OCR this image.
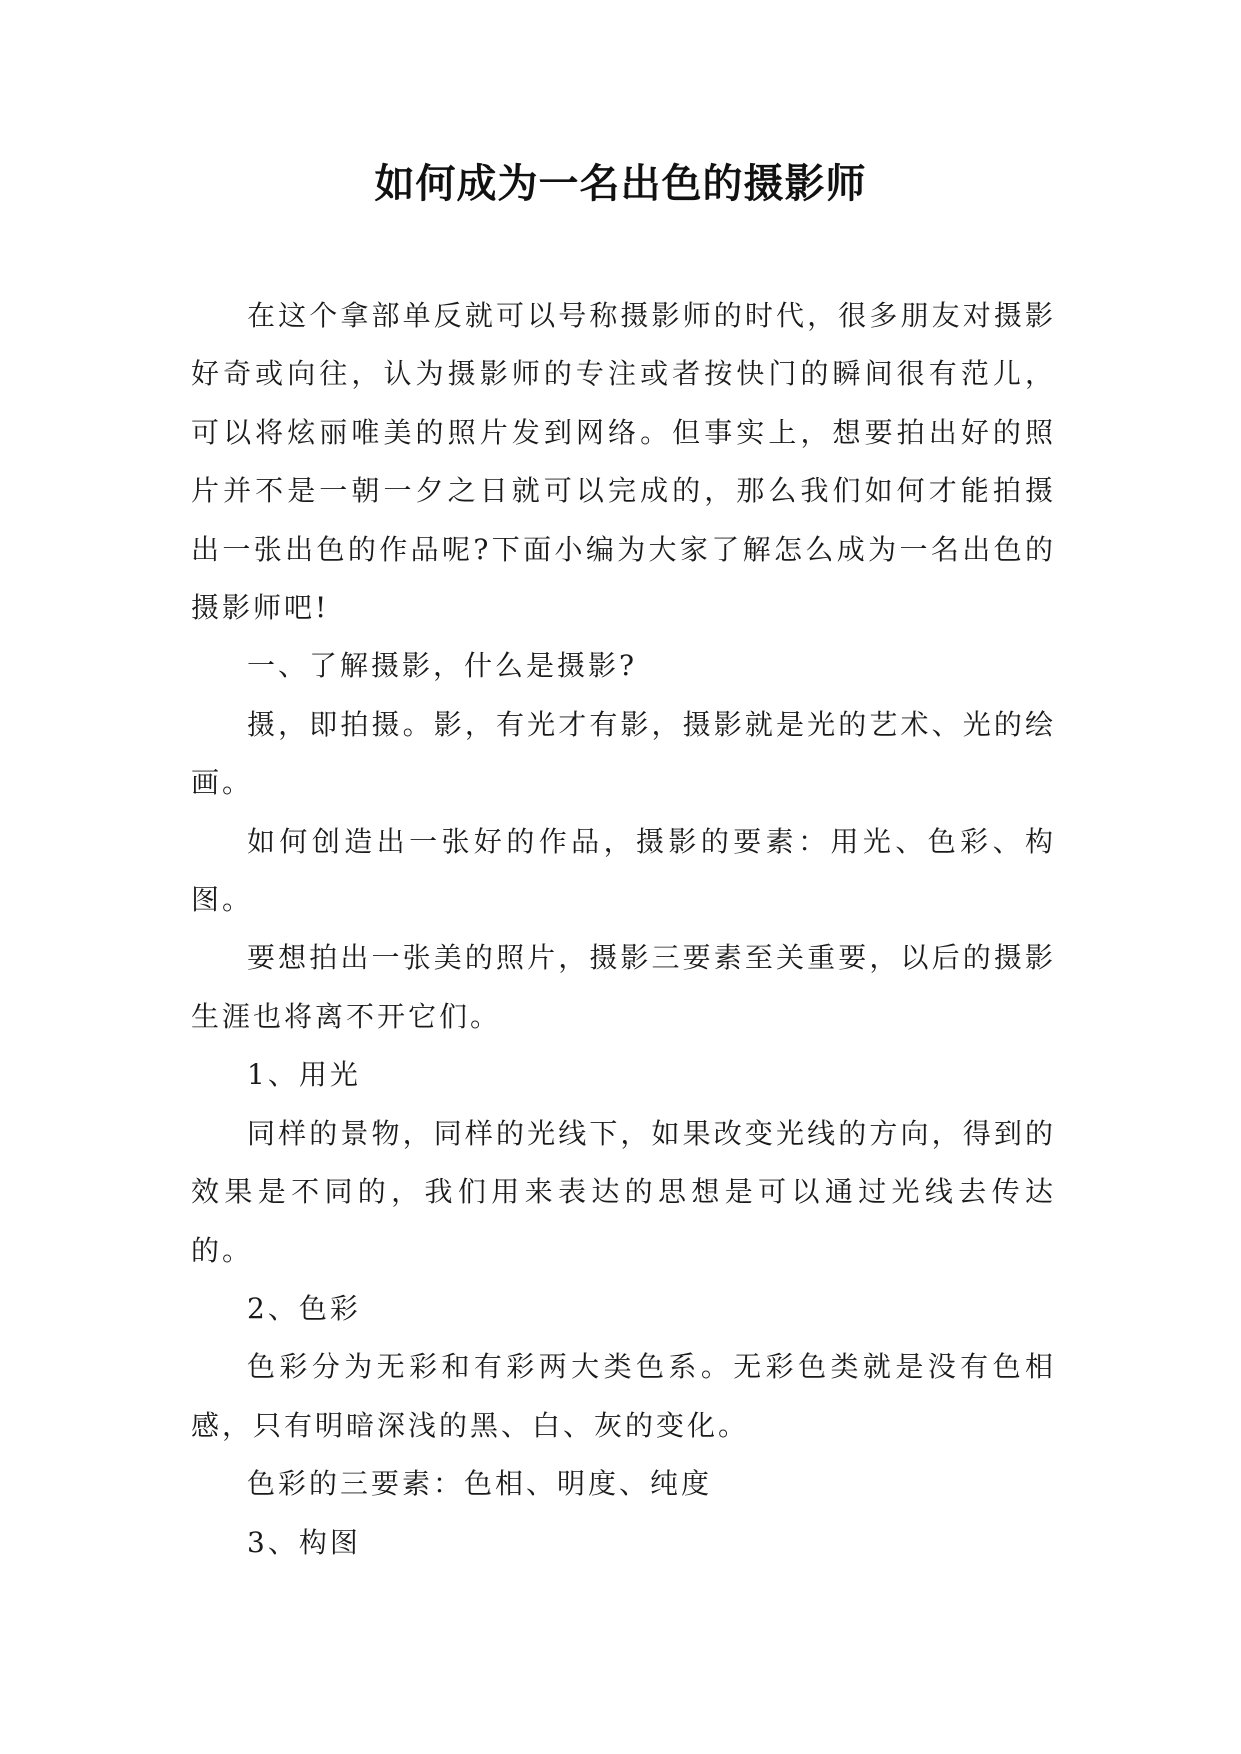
如何成为一名出色的摄影师

在这个拿部单反就可以号称摄影师的时代，很多朋友对摄影好奇或向往，认为摄影师的专注或者按快门的瞬间很有范儿，可以将炫丽唯美的照片发到网络。但事实上，想要拍出好的照片并不是一朝一夕之日就可以完成的，那么我们如何才能拍摄出一张出色的作品呢?下面小编为大家了解怎么成为一名出色的摄影师吧!

一、了解摄影，什么是摄影?

摄，即拍摄。影，有光才有影，摄影就是光的艺术、光的绘画。

如何创造出一张好的作品，摄影的要素：用光、色彩、构图。

要想拍出一张美的照片，摄影三要素至关重要，以后的摄影生涯也将离不开它们。

1、用光

同样的景物，同样的光线下，如果改变光线的方向，得到的效果是不同的，我们用来表达的思想是可以通过光线去传达的。

2、色彩

色彩分为无彩和有彩两大类色系。无彩色类就是没有色相感，只有明暗深浅的黑、白、灰的变化。

色彩的三要素：色相、明度、纯度

3、构图
